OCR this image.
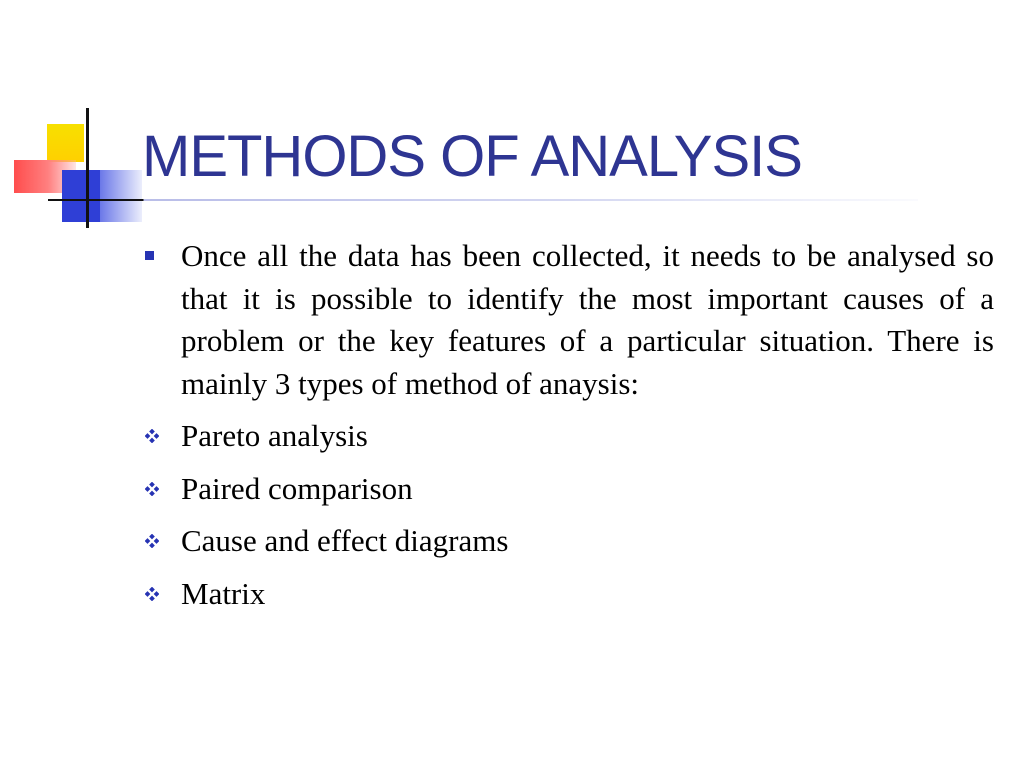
METHODS OF ANALYSIS
Once all the data has been collected, it needs to be analysed so that it is possible to identify the most important causes of a problem or the key features of a particular situation. There is mainly 3 types of method of anaysis:
Pareto analysis
Paired comparison
Cause and effect diagrams
Matrix
